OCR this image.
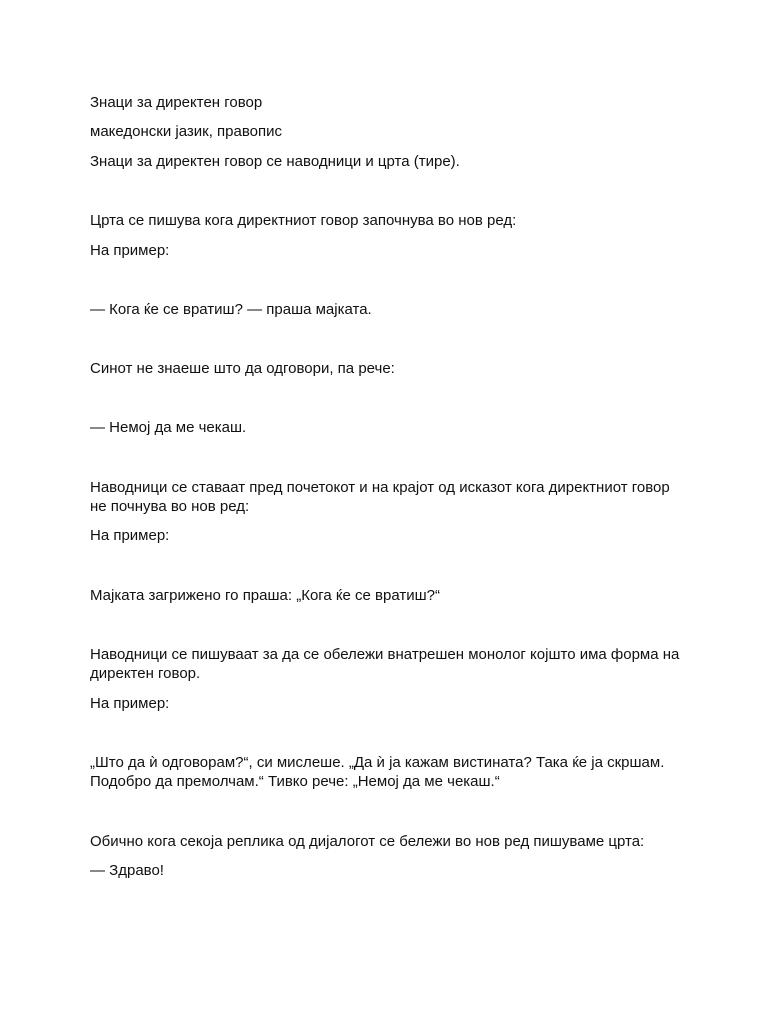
Знаци за директен говор

македонски јазик, правопис

Знаци за директен говор се наводници и црта (тире).

Црта се пишува кога директниот говор започнува во нов ред:

На пример:

— Кога ќе се вратиш? — праша мајката.

Синот не знаеше што да одговори, па рече:

— Немој да ме чекаш.

Наводници се ставаат пред почетокот и на крајот од исказот кога директниот говор не почнува во нов ред:

На пример:

Мајката загрижено го праша: „Кога ќе се вратиш?“

Наводници се пишуваат за да се обележи внатрешен монолог којшто има форма на директен говор.

На пример:

„Што да ѝ одговорам?“, си мислеше. „Да ѝ ја кажам вистината? Така ќе ја скршам. Подобро да премолчам.“ Тивко рече: „Немој да ме чекаш.“

Обично кога секоја реплика од дијалогот се бележи во нов ред пишуваме црта:

— Здраво!
